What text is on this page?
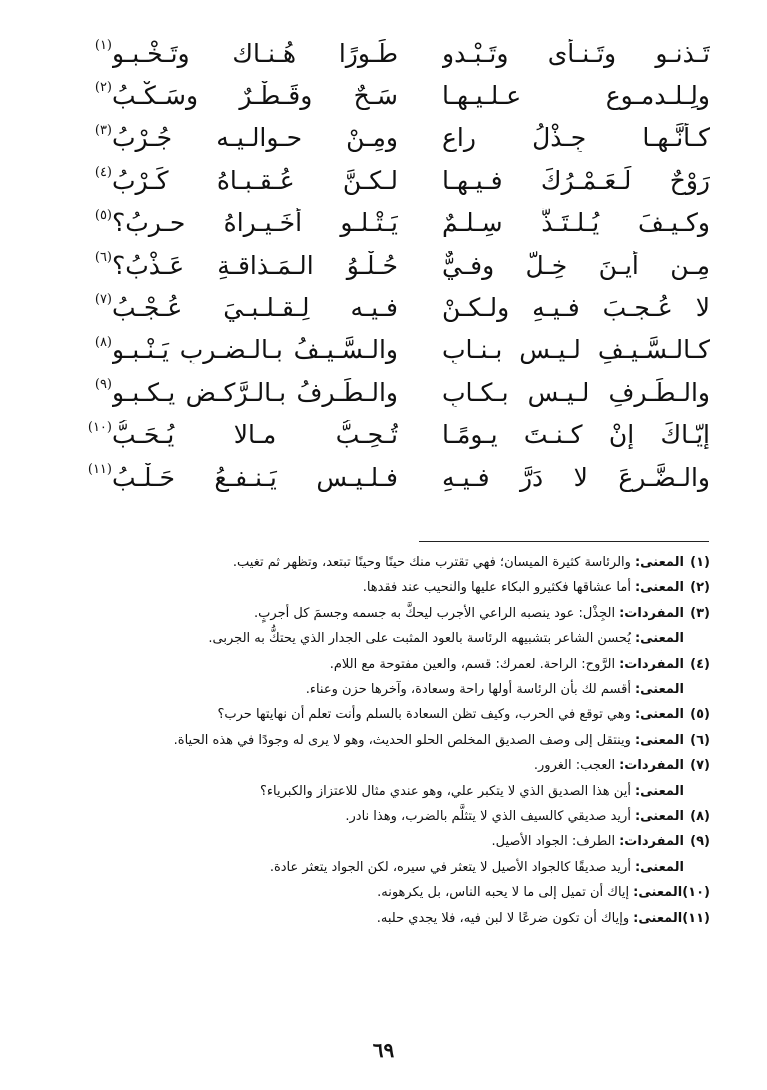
تَـذنـو وتَـنـأى وتَـبْـدو
طَـورًا هُـنـاك وتَـخْـبـو
(١)
ولِـلـدمـوعِ عـلـيـهـا
سَـحٌ وقَـطْـرٌ وسَـكْـبُ
(٢)
كـأنَّـهـا جِـذْلُ راعٍ
ومِـنْ حـوالـيـه جُـرْبُ
(٣)
رَوْحٌ لَـعَـمْـرُكَ فـيـهـا
لـكـنَّ عُـقـبـاهُ كَـرْبُ
(٤)
وكـيـفَ يُـلـتَـذُّ سِـلـمٌ
يَـتْـلـو أُخَـيـراهُ حـربُ؟
(٥)
مِـن أيـنَ خِـلٌّ وفـيٌّ
حُـلْـوُ الـمَـذاقـةِ عَـذْبُ؟
(٦)
لا عُـجـبَ فـيـهِ ولـكـنْ
فـيـه لِـقـلـبـيَ عُـجْـبُ
(٧)
كـالـسَّـيـفِ لـيـس بـنـابٍ
والـسَّـيـفُ بـالـضـربِ يَـنْـبـو
(٨)
والـطِّـرفِ لـيـس بـكـابٍ
والـطِّـرفُ بـالـرَّكـض يـكـبـو
(٩)
إيّـاكَ إنْ كـنـتَ يـومًـا
تُـحِـبُّ مـالا يُـحَـبُّ
(١٠)
والـضَّـرعَ لا دَرَّ فـيـهِ
فـلـيـس يَـنـفـعُ حَـلْـبُ
(١١)
(١)
المعنى:والرئاسة كثيرة الميسان؛ فهي تقترب منك حينًا وحينًا تبتعد، وتظهر ثم تغيب.
(٢)
المعنى:أما عشاقها فكثيرو البكاء عليها والنحيب عند فقدها.
(٣)
المفردات:الجِذْل: عود ينصبه الراعي الأجرب ليحكَّ به جسمه وجسمَ كل أجربٍ.
المعنى:يُحسن الشاعر بتشبيهه الرئاسة بالعود المثبت على الجدار الذي يحتكُّ به الجربى.
(٤)
المفردات:الرَّوح: الراحة. لعمرك: قسم، والعين مفتوحة مع اللام.
المعنى:أقسم لك بأن الرئاسة أولها راحة وسعادة، وآخرها حزن وعناء.
(٥)
المعنى:وهي توقع في الحرب، وكيف تظن السعادة بالسلم وأنت تعلم أن نهايتها حرب؟
(٦)
المعنى:وينتقل إلى وصف الصديق المخلص الحلو الحديث، وهو لا يرى له وجودًا في هذه الحياة.
(٧)
المفردات:العجب: الغرور.
المعنى:أين هذا الصديق الذي لا يتكبر علي، وهو عندي مثال للاعتزاز والكبرياء؟
(٨)
المعنى:أريد صديقي كالسيف الذي لا يتثلَّم بالضرب، وهذا نادر.
(٩)
المفردات:الطرف: الجواد الأصيل.
المعنى:أريد صديقًا كالجواد الأصيل لا يتعثر في سيره، لكن الجواد يتعثر عادة.
(١٠)
المعنى:إياك أن تميل إلى ما لا يحبه الناس، بل يكرهونه.
(١١)
المعنى:وإياك أن تكون ضرعًا لا لبن فيه، فلا يجدي حلبه.
٦٩
